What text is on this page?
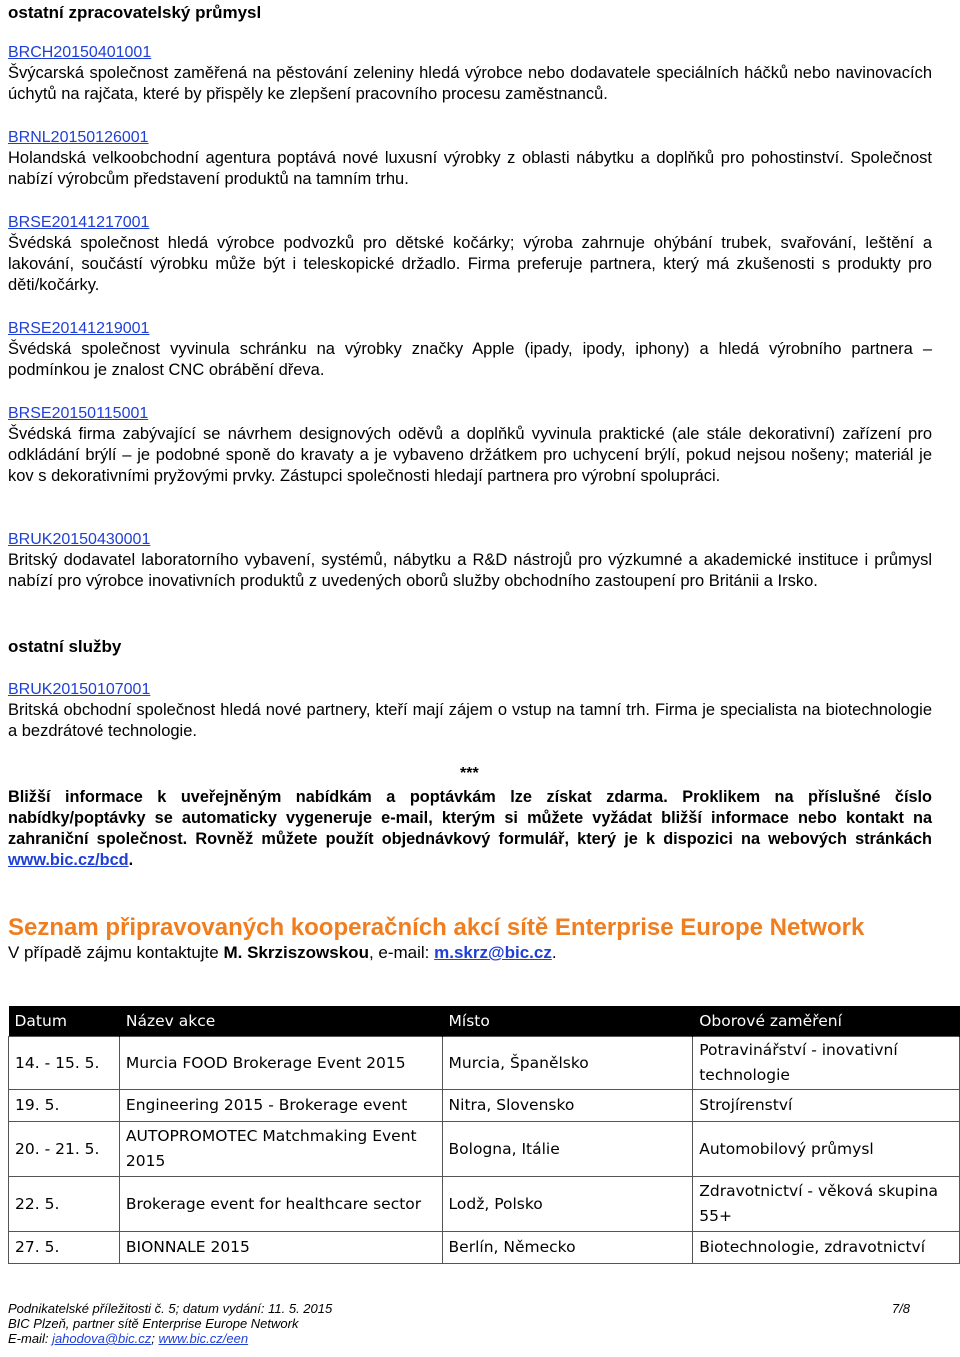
ostatní zpracovatelský průmysl
BRCH20150401001

Švýcarská společnost zaměřená na pěstování zeleniny hledá výrobce nebo dodavatele speciálních háčků nebo navinovacích úchytů na rajčata, které by přispěly ke zlepšení pracovního procesu zaměstnanců.

BRNL20150126001

Holandská velkoobchodní agentura poptává nové luxusní výrobky z oblasti nábytku a doplňků pro pohostinství. Společnost nabízí výrobcům představení produktů na tamním trhu.

BRSE20141217001

Švédská společnost hledá výrobce podvozků pro dětské kočárky; výroba zahrnuje ohýbání trubek, svařování, leštění a lakování, součástí výrobku může být i teleskopické držadlo. Firma preferuje partnera, který má zkušenosti s produkty pro děti/kočárky.

BRSE20141219001

Švédská společnost vyvinula schránku na výrobky značky Apple (ipady, ipody, iphony) a hledá výrobního partnera – podmínkou je znalost CNC obrábění dřeva.

BRSE20150115001

Švédská firma zabývající se návrhem designových oděvů a doplňků vyvinula praktické (ale stále dekorativní) zařízení pro odkládání brýlí – je podobné sponě do kravaty a je vybaveno držátkem pro uchycení brýlí, pokud nejsou nošeny; materiál je kov s dekorativními pryžovými prvky. Zástupci společnosti hledají partnera pro výrobní spolupráci.

BRUK20150430001

Britský dodavatel laboratorního vybavení, systémů, nábytku a R&D nástrojů pro výzkumné a akademické instituce i průmysl nabízí pro výrobce inovativních produktů z uvedených oborů služby obchodního zastoupení pro Británii a Irsko.

ostatní služby
BRUK20150107001

Britská obchodní společnost hledá nové partnery, kteří mají zájem o vstup na tamní trh. Firma je specialista na biotechnologie a bezdrátové technologie.

***

Bližší informace k uveřejněným nabídkám a poptávkám lze získat zdarma. Proklikem na příslušné číslo nabídky/poptávky se automaticky vygeneruje e-mail, kterým si můžete vyžádat bližší informace nebo kontakt na zahraniční společnost. Rovněž můžete použít objednávkový formulář, který je k dispozici na webových stránkách www.bic.cz/bcd.

Seznam připravovaných kooperačních akcí sítě Enterprise Europe Network

V případě zájmu kontaktujte M. Skrziszowskou, e-mail: m.skrz@bic.cz.

Datum	Název akce	Místo	Oborové zaměření
14. - 15. 5.	Murcia FOOD Brokerage Event 2015	Murcia, Španělsko	Potravinářství - inovativní technologie
19. 5.	Engineering 2015 - Brokerage event	Nitra, Slovensko	Strojírenství
20. - 21. 5.	AUTOPROMOTEC Matchmaking Event 2015	Bologna, Itálie	Automobilový průmysl
22. 5.	Brokerage event for healthcare sector	Lodž, Polsko	Zdravotnictví - věková skupina 55+
27. 5.	BIONNALE 2015	Berlín, Německo	Biotechnologie, zdravotnictví
Podnikatelské příležitosti č. 5; datum vydání: 11. 5. 2015	7/8
BIC Plzeň, partner sítě Enterprise Europe Network
E-mail: jahodova@bic.cz; www.bic.cz/een
